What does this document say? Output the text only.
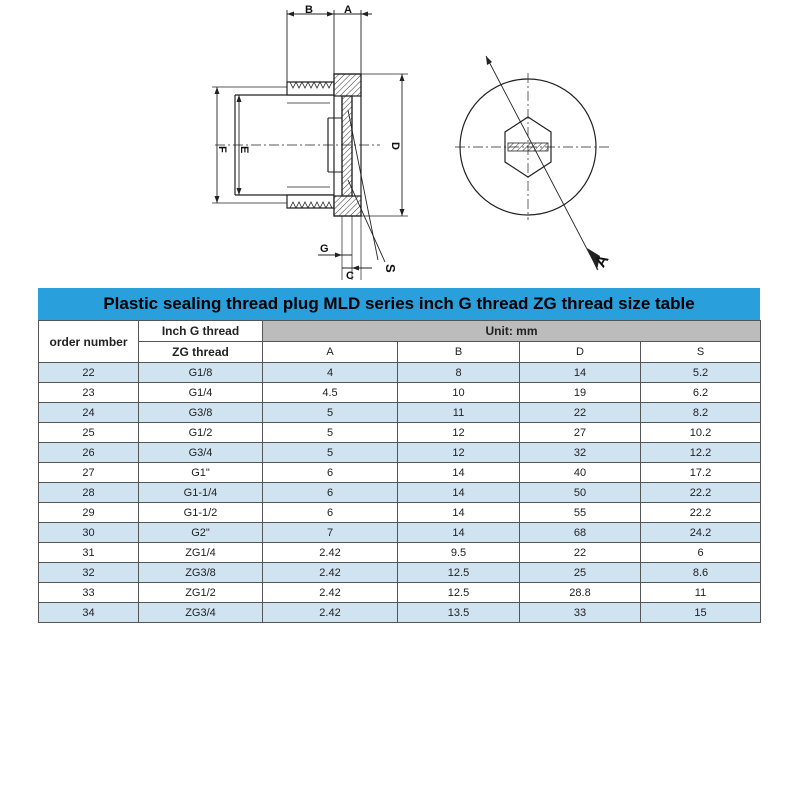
B	A
F E	D
G
C
S	A
Plastic sealing thread plug MLD series inch G thread ZG thread size table
order number	Inch G thread	Unit: mm			
	ZG thread	A	B	D	S
22	G1/8	4	8	14	5.2
23	G1/4	4.5	10	19	6.2
24	G3/8	5	11	22	8.2
25	G1/2	5	12	27	10.2
26	G3/4	5	12	32	12.2
27	G1"	6	14	40	17.2
28	G1-1/4	6	14	50	22.2
29	G1-1/2	6	14	55	22.2
30	G2"	7	14	68	24.2
31	ZG1/4	2.42	9.5	22	6
32	ZG3/8	2.42	12.5	25	8.6
33	ZG1/2	2.42	12.5	28.8	11
34	ZG3/4	2.42	13.5	33	15
